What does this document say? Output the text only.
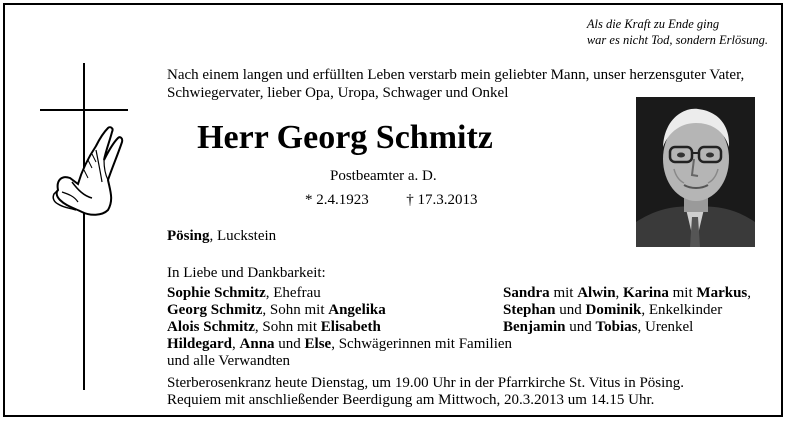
Als die Kraft zu Ende ging
war es nicht Tod, sondern Erlösung.
Nach einem langen und erfüllten Leben verstarb mein geliebter Mann, unser herzensguter Vater,
Schwiegervater, lieber Opa, Uropa, Schwager und Onkel
Herr Georg Schmitz
Postbeamter a. D.
* 2.4.1923	† 17.3.2013
Pösing, Luckstein
In Liebe und Dankbarkeit:
Sophie Schmitz, Ehefrau
Georg Schmitz, Sohn mit Angelika
Alois Schmitz, Sohn mit Elisabeth
Hildegard, Anna und Else, Schwägerinnen mit Familien
und alle Verwandten
Sandra mit Alwin, Karina mit Markus,
Stephan und Dominik, Enkelkinder
Benjamin und Tobias, Urenkel
Sterberosenkranz heute Dienstag, um 19.00 Uhr in der Pfarrkirche St. Vitus in Pösing.
Requiem mit anschließender Beerdigung am Mittwoch, 20.3.2013 um 14.15 Uhr.
